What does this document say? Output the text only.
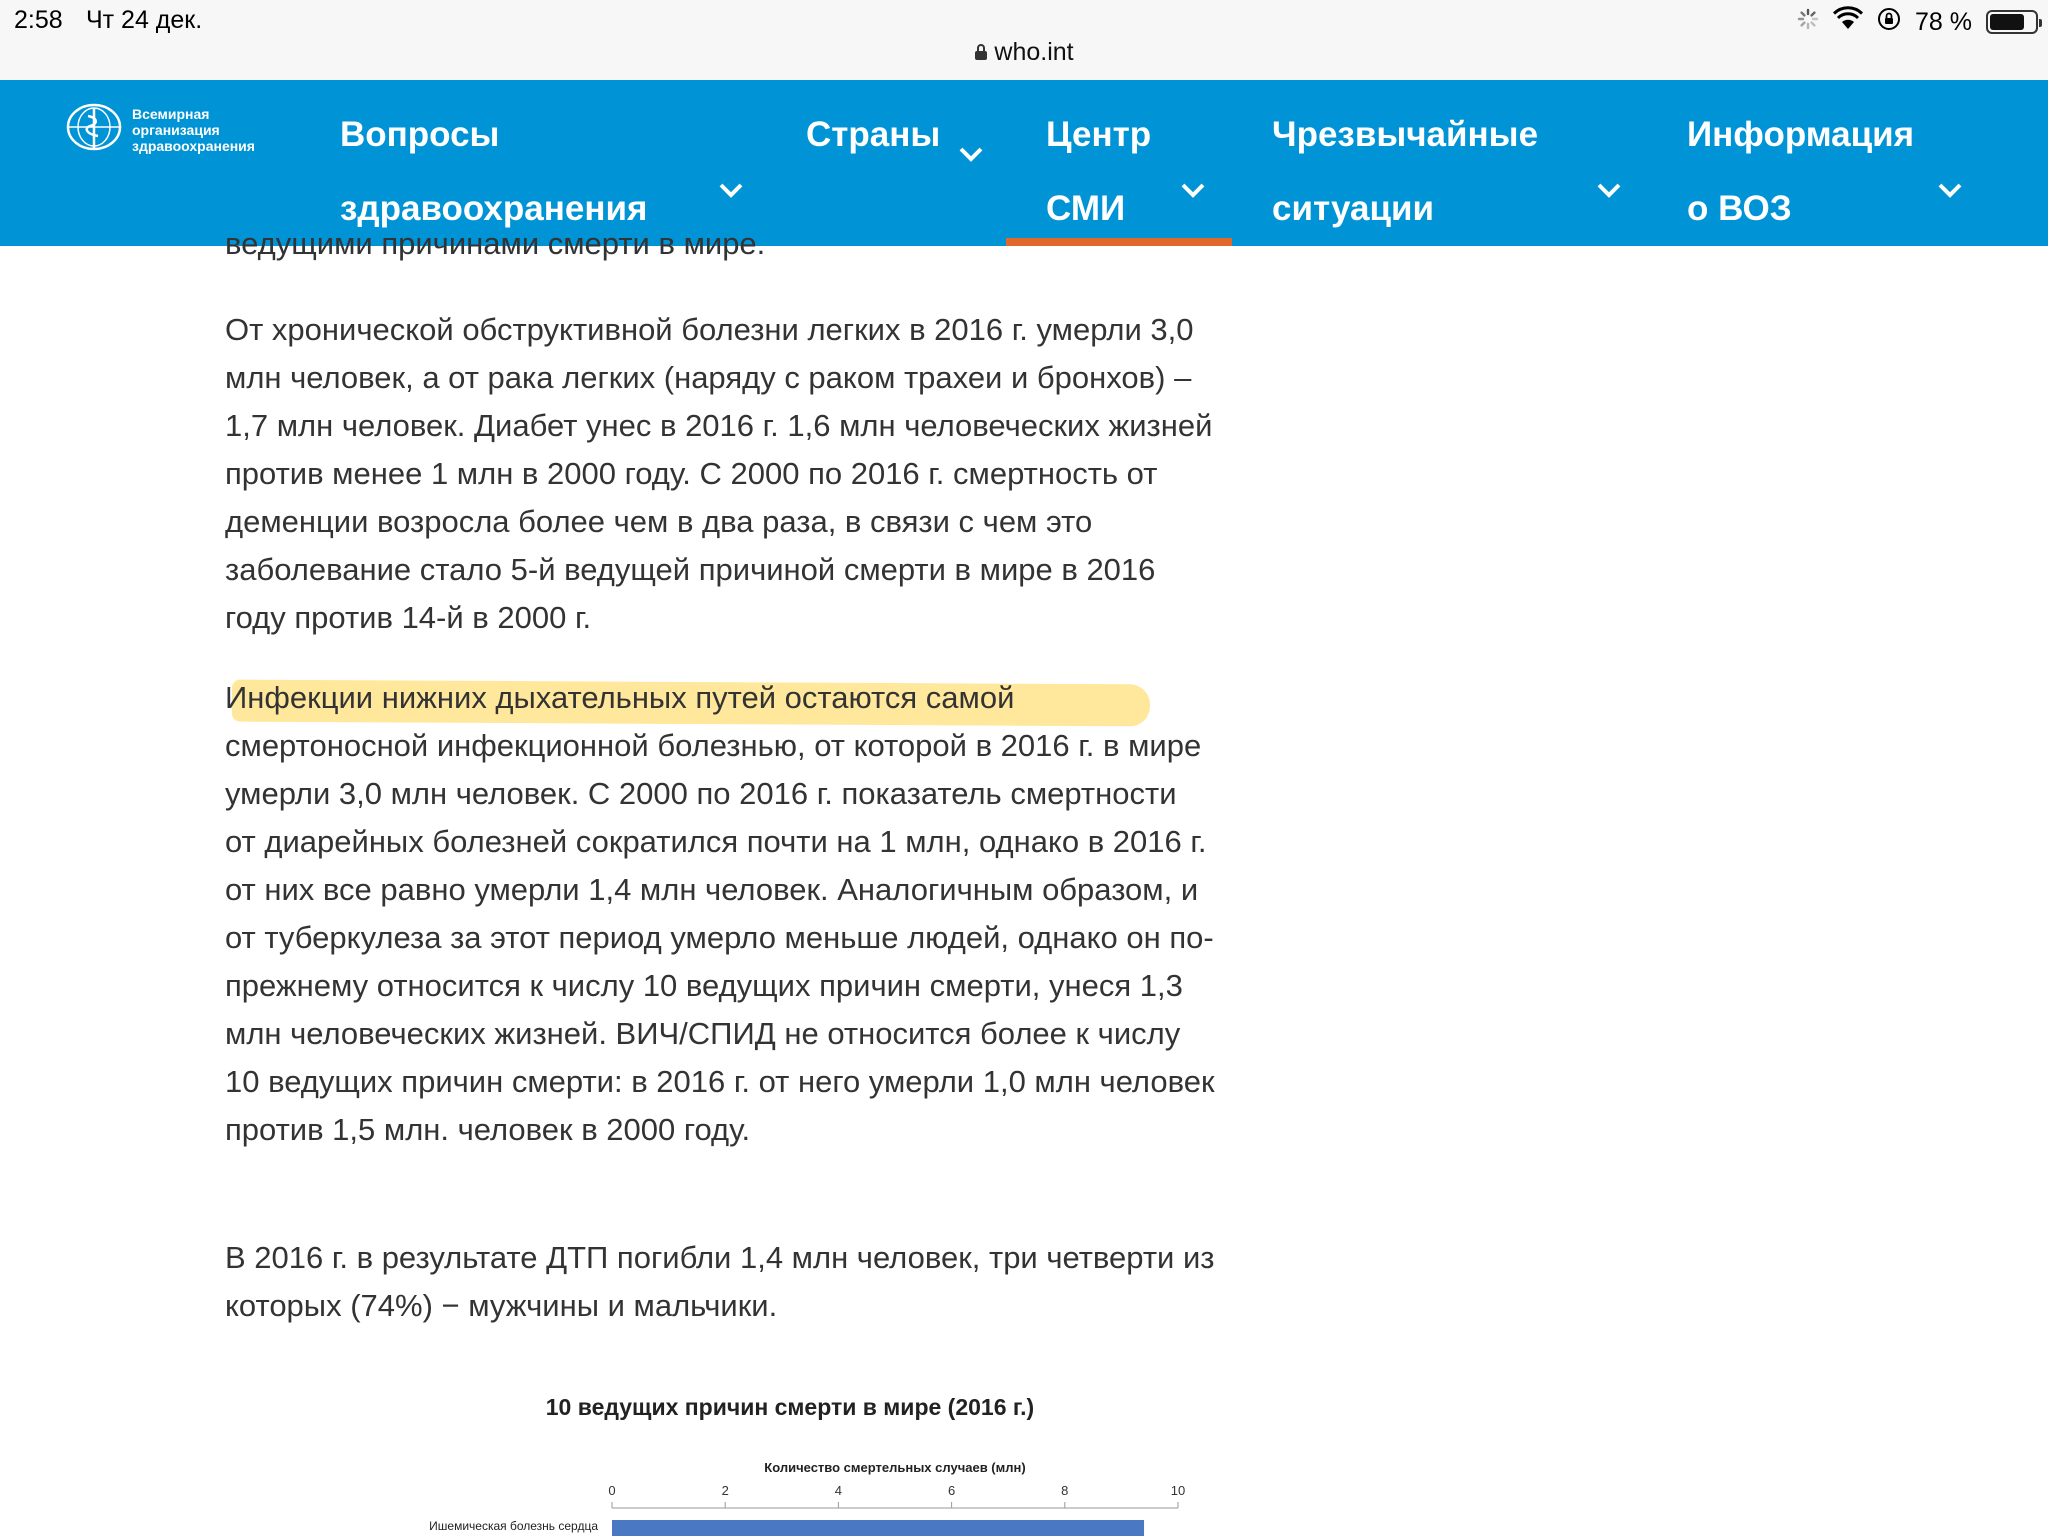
2:58 Чт 24 дек.
who.int
78 %
Всемирная организация здравоохранения	Вопросы
здравоохранения
Страны	Центр
СМИ
Чрезвычайные
ситуации
Информация
о ВОЗ
ведущими причинами смерти в мире.

От хронической обструктивной болезни легких в 2016 г. умерли 3,0 млн человек, а от рака легких (наряду с раком трахеи и бронхов) – 1,7 млн человек. Диабет унес в 2016 г. 1,6 млн человеческих жизней против менее 1 млн в 2000 году. С 2000 по 2016 г. смертность от деменции возросла более чем в два раза, в связи с чем это заболевание стало 5-й ведущей причиной смерти в мире в 2016 году против 14-й в 2000 г.

Инфекции нижних дыхательных путей остаются самой смертоносной инфекционной болезнью, от которой в 2016 г. в мире умерли 3,0 млн человек. С 2000 по 2016 г. показатель смертности от диарейных болезней сократился почти на 1 млн, однако в 2016 г. от них все равно умерли 1,4 млн человек. Аналогичным образом, и от туберкулеза за этот период умерло меньше людей, однако он по-прежнему относится к числу 10 ведущих причин смерти, унеся 1,3 млн человеческих жизней. ВИЧ/СПИД не относится более к числу 10 ведущих причин смерти: в 2016 г. от него умерли 1,0 млн человек против 1,5 млн. человек в 2000 году.

В 2016 г. в результате ДТП погибли 1,4 млн человек, три четверти из которых (74%) − мужчины и мальчики.

10 ведущих причин смерти в мире (2016 г.)
Количество смертельных случаев (млн)
0	2	4	6	8	10
Ишемическая болезнь сердца
